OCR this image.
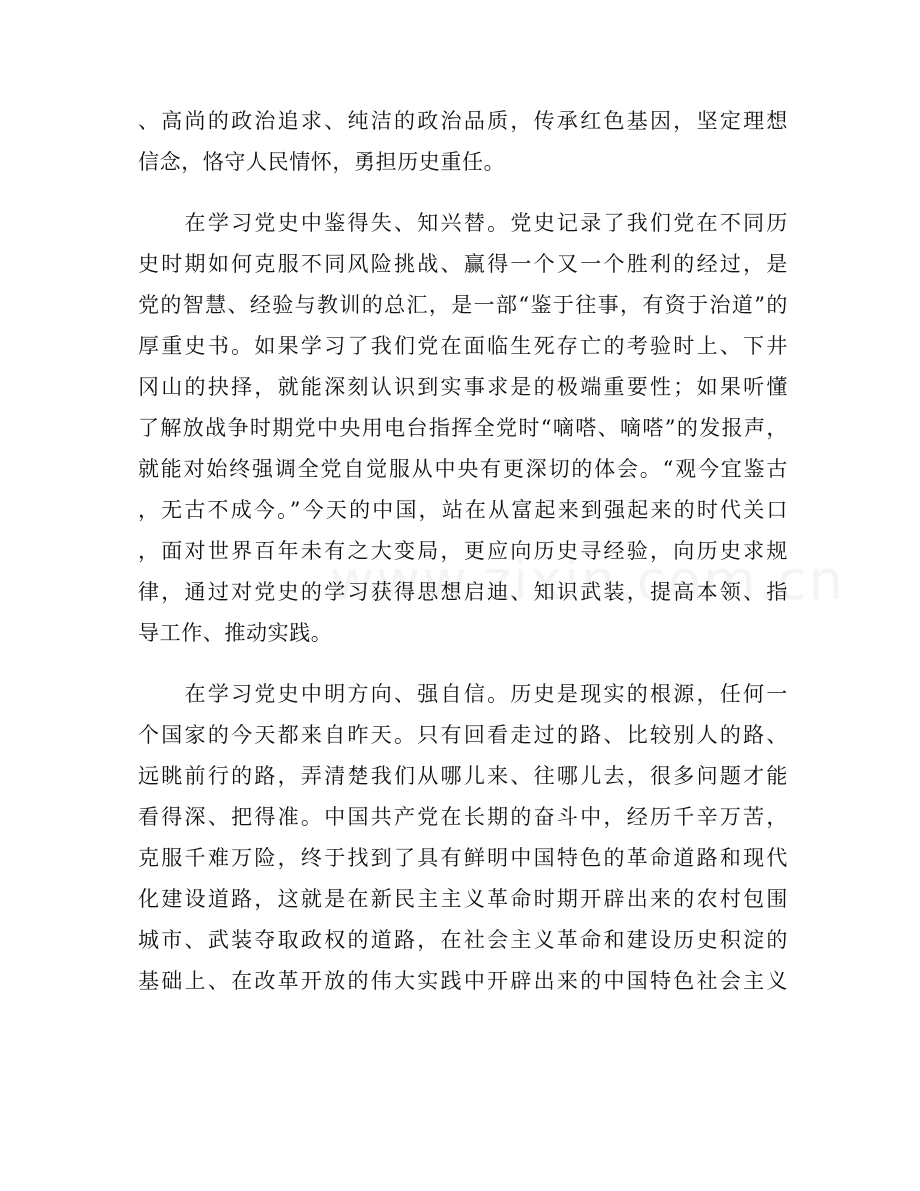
、高尚的政治追求、纯洁的政治品质，传承红色基因，坚定理想
信念，恪守人民情怀，勇担历史重任。
　　在学习党史中鉴得失、知兴替。党史记录了我们党在不同历
史时期如何克服不同风险挑战、赢得一个又一个胜利的经过，是
党的智慧、经验与教训的总汇，是一部“鉴于往事，有资于治道”的
厚重史书。如果学习了我们党在面临生死存亡的考验时上、下井
冈山的抉择，就能深刻认识到实事求是的极端重要性；如果听懂
了解放战争时期党中央用电台指挥全党时“嘀嗒、嘀嗒”的发报声，
就能对始终强调全党自觉服从中央有更深切的体会。“观今宜鉴古
，无古不成今。”今天的中国，站在从富起来到强起来的时代关口
，面对世界百年未有之大变局，更应向历史寻经验，向历史求规
律，通过对党史的学习获得思想启迪、知识武装，提高本领、指
导工作、推动实践。
　　在学习党史中明方向、强自信。历史是现实的根源，任何一
个国家的今天都来自昨天。只有回看走过的路、比较别人的路、
远眺前行的路，弄清楚我们从哪儿来、往哪儿去，很多问题才能
看得深、把得准。中国共产党在长期的奋斗中，经历千辛万苦，
克服千难万险，终于找到了具有鲜明中国特色的革命道路和现代
化建设道路，这就是在新民主主义革命时期开辟出来的农村包围
城市、武装夺取政权的道路，在社会主义革命和建设历史积淀的
基础上、在改革开放的伟大实践中开辟出来的中国特色社会主义
